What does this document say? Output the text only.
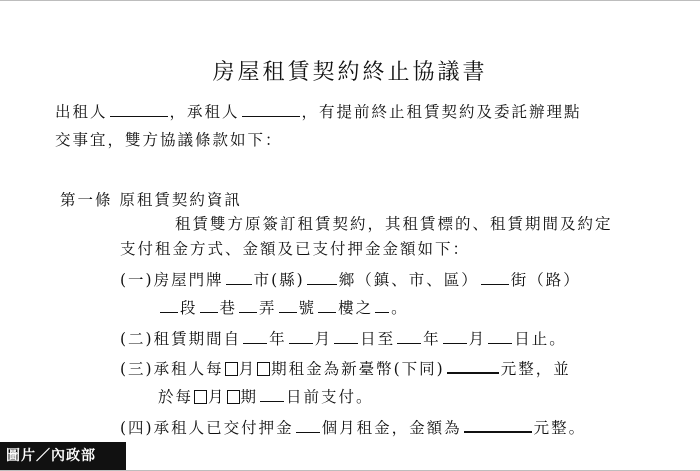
房屋租賃契約終止協議書
出租人	，承租人	，有提前終止租賃契約及委託辦理點
交事宜，雙方協議條款如下：
第一條 原租賃契約資訊
租賃雙方原簽訂租賃契約，其租賃標的、租賃期間及約定
支付租金方式、金額及已支付押金金額如下：
(一)房屋門牌 市(縣) 鄉（鎮、市、區） 街（路）
段 巷 弄 號 樓之 。
(二)租賃期間自 年 月 日至 年 月 日止。
(三)承租人每 月 期租金為新臺幣(下同)	元整，並
於每 月 期 日前支付。
(四)承租人已交付押金 個月租金，金額為	元整。
圖片／內政部
